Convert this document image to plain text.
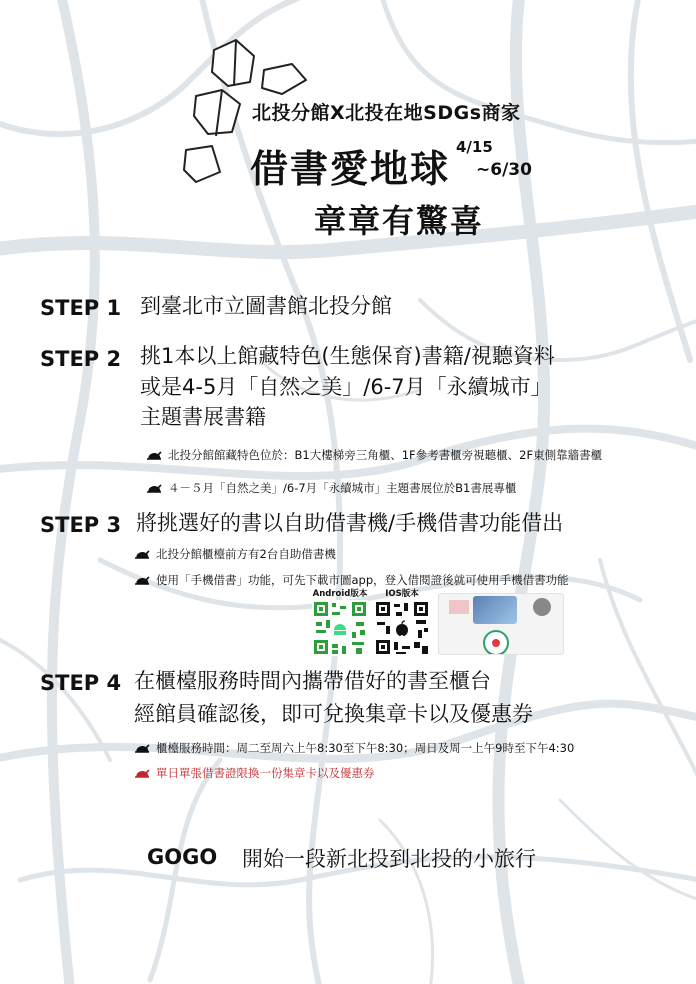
北投分館X北投在地SDGs商家
借書愛地球 4/15
~6/30
章章有驚喜
STEP 1 到臺北市立圖書館北投分館
STEP 2 挑1本以上館藏特色(生態保育)書籍/視聽資料
或是4-5月「自然之美」/6-7月「永續城市」
主題書展書籍
北投分館館藏特色位於：B1大樓梯旁三角櫃、1F參考書櫃旁視聽櫃、2F東側靠牆書櫃
４－５月「自然之美」/6-7月「永續城市」主題書展位於B1書展專櫃
STEP 3 將挑選好的書以自助借書機/手機借書功能借出
北投分館櫃檯前方有2台自助借書機
使用「手機借書」功能，可先下載市圖app，登入借閱證後就可使用手機借書功能
Android版本	IOS版本
STEP 4 在櫃檯服務時間內攜帶借好的書至櫃台
經館員確認後，即可兌換集章卡以及優惠券
櫃檯服務時間：周二至周六上午8:30至下午8:30；周日及周一上午9時至下午4:30
單日單張借書證限換一份集章卡以及優惠券
GOGO 開始一段新北投到北投的小旅行
